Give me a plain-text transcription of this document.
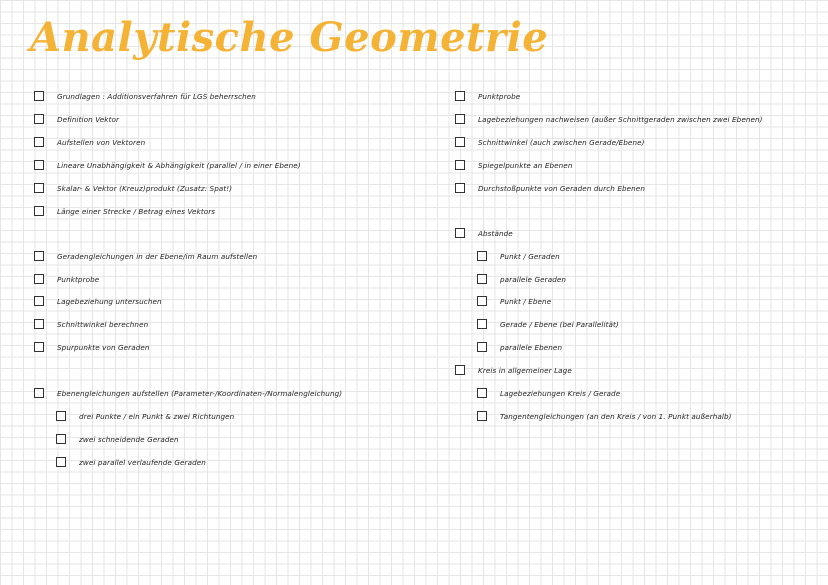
Analytische Geometrie
Grundlagen : Additionsverfahren für LGS beherrschen
Definition Vektor
Aufstellen von Vektoren
Lineare Unabhängigkeit & Abhängigkeit (parallel / in einer Ebene)
Skalar- & Vektor (Kreuz)produkt (Zusatz: Spat!)
Länge einer Strecke / Betrag eines Vektors
Geradengleichungen in der Ebene/im Raum aufstellen
Punktprobe
Lagebeziehung untersuchen
Schnittwinkel berechnen
Spurpunkte von Geraden
Ebenengleichungen aufstellen (Parameter-/Koordinaten-/Normalengleichung)
drei Punkte / ein Punkt & zwei Richtungen
zwei schneidende Geraden
zwei parallel verlaufende Geraden
Punktprobe
Lagebeziehungen nachweisen (außer Schnittgeraden zwischen zwei Ebenen)
Schnittwinkel (auch zwischen Gerade/Ebene)
Spiegelpunkte an Ebenen
Durchstoßpunkte von Geraden durch Ebenen
Abstände
Punkt / Geraden
parallele Geraden
Punkt / Ebene
Gerade / Ebene (bei Parallelität)
parallele Ebenen
Kreis in allgemeiner Lage
Lagebeziehungen Kreis / Gerade
Tangentengleichungen (an den Kreis / von 1. Punkt außerhalb)
